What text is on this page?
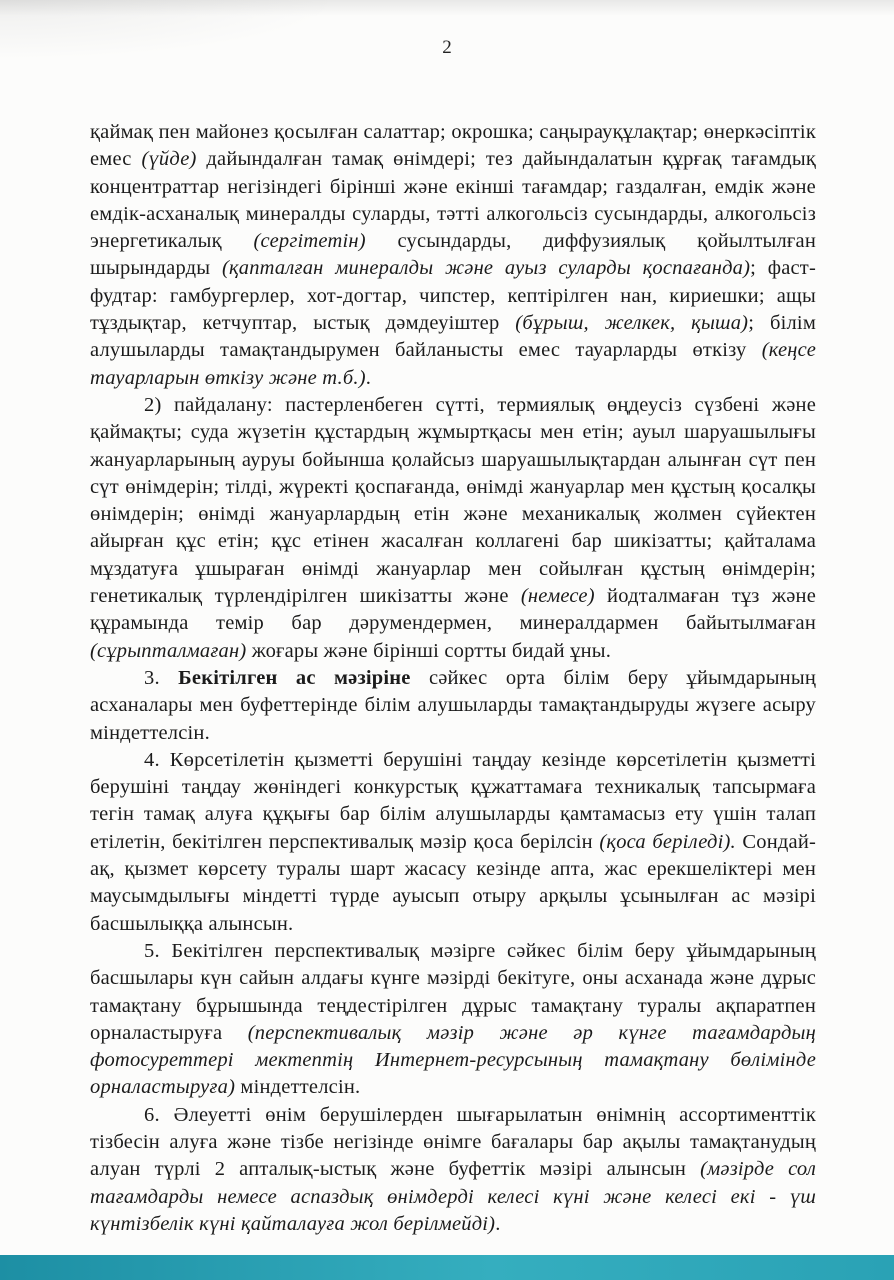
2

қаймақ пен майонез қосылған салаттар; окрошка; саңырауқұлақтар; өнеркәсіптік емес (үйде) дайындалған тамақ өнімдері; тез дайындалатын құрғақ тағамдық концентраттар негізіндегі бірінші және екінші тағамдар; газдалған, емдік және емдік-асханалық минералды суларды, тәтті алкогольсіз сусындарды, алкогольсіз энергетикалық (сергітетін) сусындарды, диффузиялық қойылтылған шырындарды (қапталған минералды және ауыз суларды қоспағанда); фаст-фудтар: гамбургерлер, хот-догтар, чипстер, кептірілген нан, кириешки; ащы тұздықтар, кетчуптар, ыстық дәмдеуіштер (бұрыш, желкек, қыша); білім алушыларды тамақтандырумен байланысты емес тауарларды өткізу (кеңсе тауарларын өткізу және т.б.).

2) пайдалану: пастерленбеген сүтті, термиялық өңдеусіз сүзбені және қаймақты; суда жүзетін құстардың жұмыртқасы мен етін; ауыл шаруашылығы жануарларының ауруы бойынша қолайсыз шаруашылықтардан алынған сүт пен сүт өнімдерін; тілді, жүректі қоспағанда, өнімді жануарлар мен құстың қосалқы өнімдерін; өнімді жануарлардың етін және механикалық жолмен сүйектен айырған құс етін; құс етінен жасалған коллагені бар шикізатты; қайталама мұздатуға ұшыраған өнімді жануарлар мен сойылған құстың өнімдерін; генетикалық түрлендірілген шикізатты және (немесе) йодталмаған тұз және құрамында темір бар дәрумендермен, минералдармен байытылмаған (сұрыпталмаған) жоғары және бірінші сортты бидай ұны.

3. Бекітілген ас мәзіріне сәйкес орта білім беру ұйымдарының асханалары мен буфеттерінде білім алушыларды тамақтандыруды жүзеге асыру міндеттелсін.

4. Көрсетілетін қызметті берушіні таңдау кезінде көрсетілетін қызметті берушіні таңдау жөніндегі конкурстық құжаттамаға техникалық тапсырмаға тегін тамақ алуға құқығы бар білім алушыларды қамтамасыз ету үшін талап етілетін, бекітілген перспективалық мәзір қоса берілсін (қоса беріледі). Сондай-ақ, қызмет көрсету туралы шарт жасасу кезінде апта, жас ерекшеліктері мен маусымдылығы міндетті түрде ауысып отыру арқылы ұсынылған ас мәзірі басшылыққа алынсын.

5. Бекітілген перспективалық мәзірге сәйкес білім беру ұйымдарының басшылары күн сайын алдағы күнге мәзірді бекітуге, оны асханада және дұрыс тамақтану бұрышында теңдестірілген дұрыс тамақтану туралы ақпаратпен орналастыруға (перспективалық мәзір және әр күнге тағамдардың фотосуреттері мектептің Интернет-ресурсының тамақтану бөлімінде орналастыруға) міндеттелсін.

6. Әлеуетті өнім берушілерден шығарылатын өнімнің ассортименттік тізбесін алуға және тізбе негізінде өнімге бағалары бар ақылы тамақтанудың алуан түрлі 2 апталық-ыстық және буфеттік мәзірі алынсын (мәзірде сол тағамдарды немесе аспаздық өнімдерді келесі күні және келесі екі - үш күнтізбелік күні қайталауға жол берілмейді).
